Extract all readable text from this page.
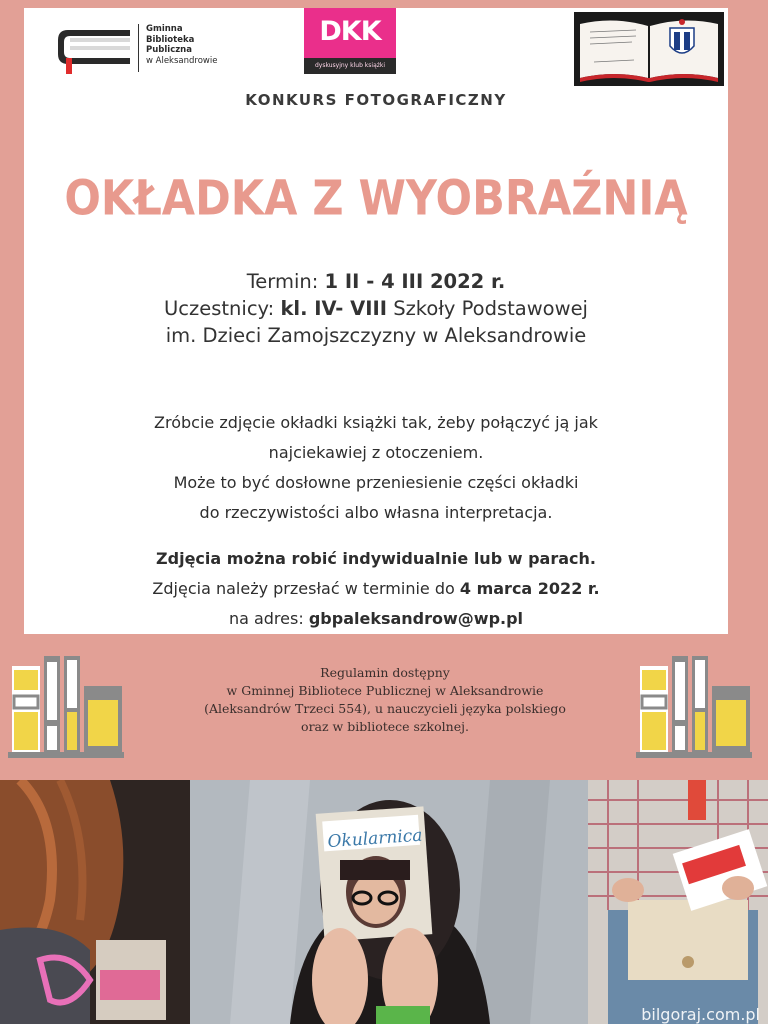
Gminna
Biblioteka
Publiczna
w Aleksandrowie
DKK
dyskusyjny klub książki
KONKURS FOTOGRAFICZNY
OKŁADKA Z WYOBRAŹNIĄ
Termin: 1 II - 4 III 2022 r.
Uczestnicy: kl. IV- VIII Szkoły Podstawowej
im. Dzieci Zamojszczyzny w Aleksandrowie
Zróbcie zdjęcie okładki książki tak, żeby połączyć ją jak
najciekawiej z otoczeniem.
Może to być dosłowne przeniesienie części okładki
do rzeczywistości albo własna interpretacja.
Zdjęcia można robić indywidualnie lub w parach.
Zdjęcia należy przesłać w terminie do 4 marca 2022 r.
na adres: gbpaleksandrow@wp.pl
Regulamin dostępny
w Gminnej Bibliotece Publicznej w Aleksandrowie
(Aleksandrów Trzeci 554), u nauczycieli języka polskiego
oraz w bibliotece szkolnej.
Okularnica
bilgoraj.com.pl
